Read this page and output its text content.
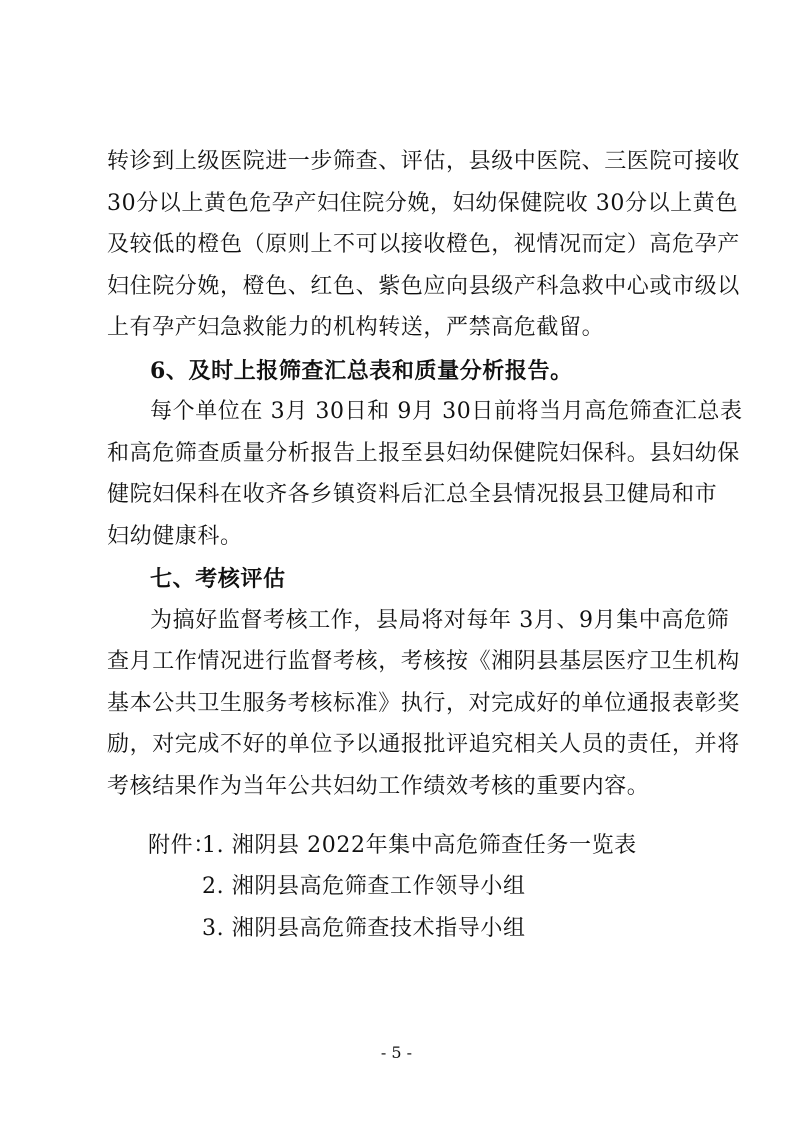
转诊到上级医院进一步筛查、评估，县级中医院、三医院可接收
30分以上黄色危孕产妇住院分娩，妇幼保健院收 30分以上黄色
及较低的橙色（原则上不可以接收橙色，视情况而定）高危孕产
妇住院分娩，橙色、红色、紫色应向县级产科急救中心或市级以
上有孕产妇急救能力的机构转送，严禁高危截留。
6、及时上报筛查汇总表和质量分析报告。
每个单位在 3月 30日和 9月 30日前将当月高危筛查汇总表
和高危筛查质量分析报告上报至县妇幼保健院妇保科。县妇幼保
健院妇保科在收齐各乡镇资料后汇总全县情况报县卫健局和市
妇幼健康科。
七、考核评估
为搞好监督考核工作，县局将对每年 3月、9月集中高危筛
查月工作情况进行监督考核，考核按《湘阴县基层医疗卫生机构
基本公共卫生服务考核标准》执行，对完成好的单位通报表彰奖
励，对完成不好的单位予以通报批评追究相关人员的责任，并将
考核结果作为当年公共妇幼工作绩效考核的重要内容。
附件：
1. 湘阴县 2022年集中高危筛查任务一览表
2. 湘阴县高危筛查工作领导小组
3. 湘阴县高危筛查技术指导小组
- 5 -
